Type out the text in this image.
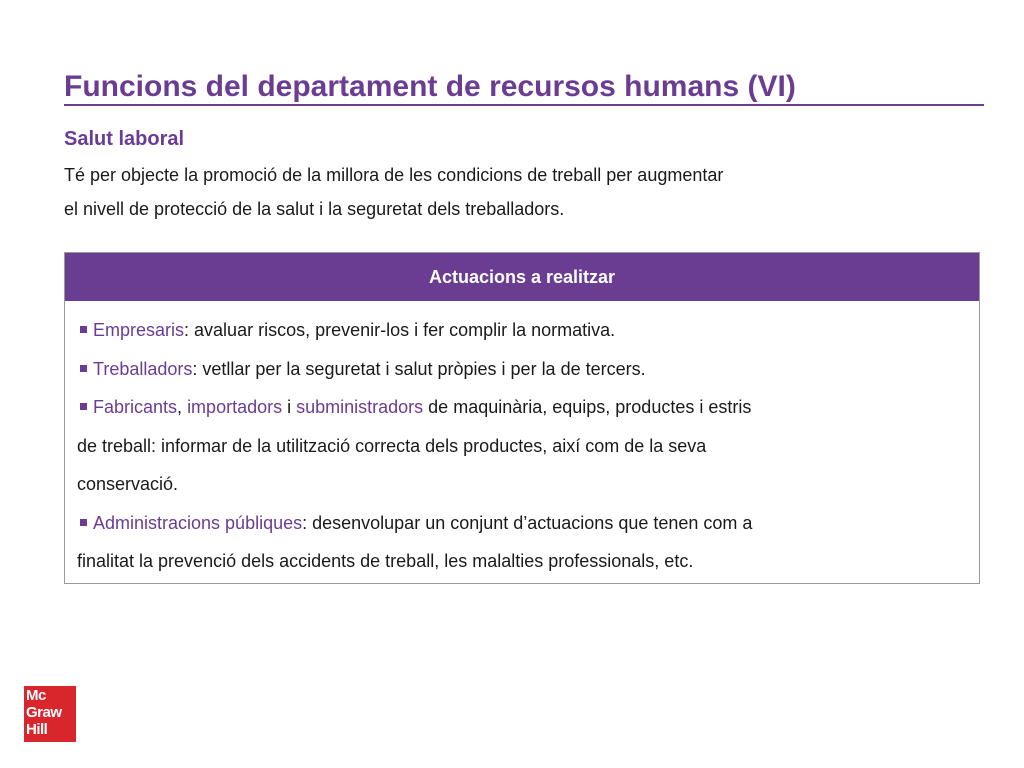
Funcions del departament de recursos humans (VI)
Salut laboral
Té per objecte la promoció de la millora de les condicions de treball per augmentar
el nivell de protecció de la salut i la seguretat dels treballadors.
Actuacions a realitzar
Empresaris: avaluar riscos, prevenir-los i fer complir la normativa.
Treballadors: vetllar per la seguretat i salut pròpies i per la de tercers.
Fabricants, importadors i subministradors de maquinària, equips, productes i estris
de treball: informar de la utilització correcta dels productes, així com de la seva
conservació.
Administracions públiques: desenvolupar un conjunt d’actuacions que tenen com a
finalitat la prevenció dels accidents de treball, les malalties professionals, etc.
Mc
Graw
Hill
